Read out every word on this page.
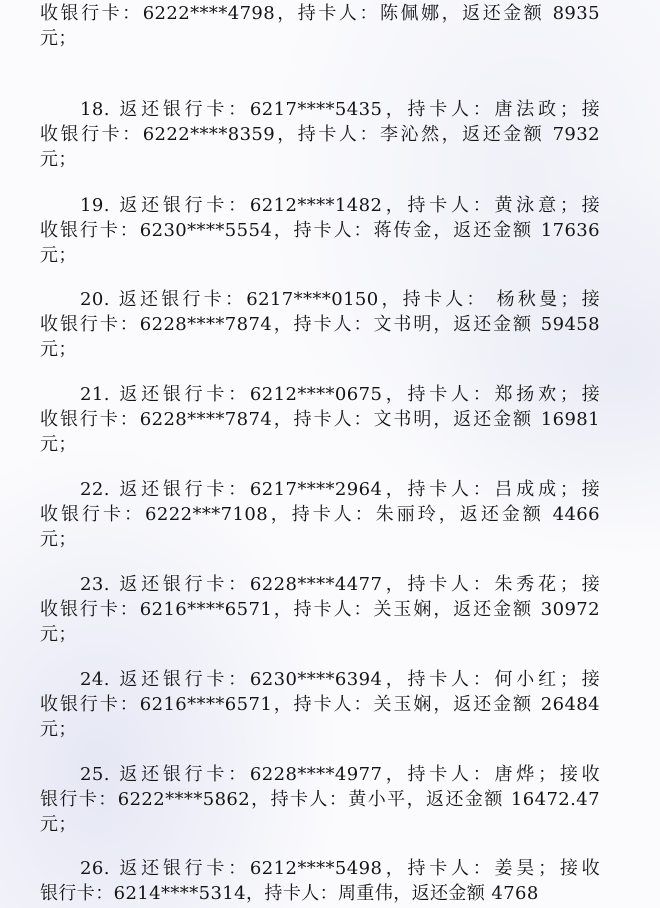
收银行卡：6222****4798，持卡人：陈佩娜，返还金额 8935
元；
18. 返还银行卡：6217****5435，持卡人：唐法政；接
收银行卡：6222****8359，持卡人：李沁然，返还金额 7932
元；
19. 返还银行卡：6212****1482，持卡人：黄泳意；接
收银行卡：6230****5554，持卡人：蒋传金，返还金额 17636
元；
20. 返还银行卡：6217****0150，持卡人： 杨秋曼；接
收银行卡：6228****7874，持卡人：文书明，返还金额 59458
元；
21. 返还银行卡：6212****0675，持卡人：郑扬欢；接
收银行卡：6228****7874，持卡人：文书明，返还金额 16981
元；
22. 返还银行卡：6217****2964，持卡人：吕成成；接
收银行卡：6222***7108，持卡人：朱丽玲，返还金额 4466
元；
23. 返还银行卡：6228****4477，持卡人：朱秀花；接
收银行卡：6216****6571，持卡人：关玉娴，返还金额 30972
元；
24. 返还银行卡：6230****6394，持卡人：何小红；接
收银行卡：6216****6571，持卡人：关玉娴，返还金额 26484
元；
25. 返还银行卡：6228****4977，持卡人：唐烨；接收
银行卡：6222****5862，持卡人：黄小平，返还金额 16472.47
元；
26. 返还银行卡：6212****5498，持卡人：姜昊；接收
银行卡：6214****5314，持卡人：周重伟，返还金额 4768
